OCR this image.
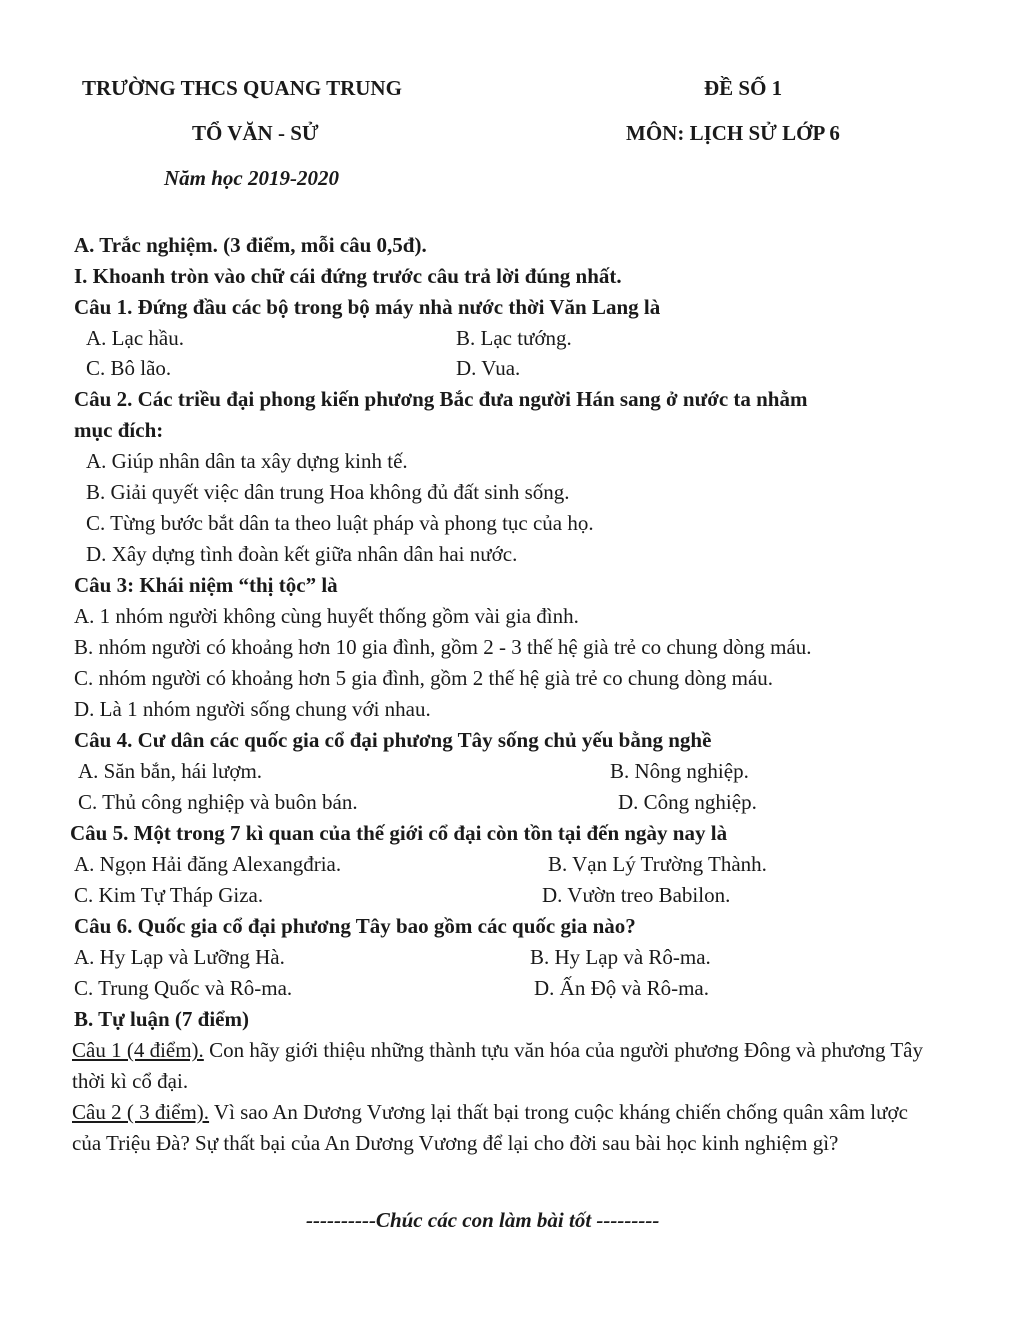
TRƯỜNG THCS QUANG TRUNG	ĐỀ SỐ 1
TỔ VĂN - SỬ	MÔN: LỊCH SỬ LỚP 6
Năm học 2019-2020
A. Trắc nghiệm. (3 điểm, mỗi câu 0,5đ).
I. Khoanh tròn vào chữ cái đứng trước câu trả lời đúng nhất.
Câu 1. Đứng đầu các bộ trong bộ máy nhà nước thời Văn Lang là
A. Lạc hầu.	B. Lạc tướng.
C. Bô lão.	D. Vua.
Câu 2. Các triều đại phong kiến phương Bắc đưa người Hán sang ở nước ta nhằm
mục đích:
A. Giúp nhân dân ta xây dựng kinh tế.
B. Giải quyết việc dân trung Hoa không đủ đất sinh sống.
C. Từng bước bắt dân ta theo luật pháp và phong tục của họ.
D. Xây dựng tình đoàn kết giữa nhân dân hai nước.
Câu 3: Khái niệm “thị tộc” là
A. 1 nhóm người không cùng huyết thống gồm vài gia đình.
B. nhóm người có khoảng hơn 10 gia đình, gồm 2 - 3 thế hệ già trẻ co chung dòng máu.
C. nhóm người có khoảng hơn 5 gia đình, gồm 2 thế hệ già trẻ co chung dòng máu.
D. Là 1 nhóm người sống chung với nhau.
Câu 4. Cư dân các quốc gia cổ đại phương Tây sống chủ yếu bằng nghề
A. Săn bắn, hái lượm.	B. Nông nghiệp.
C. Thủ công nghiệp và buôn bán.	D. Công nghiệp.
Câu 5. Một trong 7 kì quan của thế giới cổ đại còn tồn tại đến ngày nay là
A. Ngọn Hải đăng Alexangđria.	B. Vạn Lý Trường Thành.
C. Kim Tự Tháp Giza.	D. Vườn treo Babilon.
Câu 6. Quốc gia cổ đại phương Tây bao gồm các quốc gia nào?
A. Hy Lạp và Lưỡng Hà.	B. Hy Lạp và Rô-ma.
C. Trung Quốc và Rô-ma.	D. Ấn Độ và Rô-ma.
B. Tự luận (7 điểm)
Câu 1 (4 điểm). Con hãy giới thiệu những thành tựu văn hóa của người phương Đông và phương Tây thời kì cổ đại.
Câu 2 ( 3 điểm). Vì sao An Dương Vương lại thất bại trong cuộc kháng chiến chống quân xâm lược của Triệu Đà? Sự thất bại của An Dương Vương để lại cho đời sau bài học kinh nghiệm gì?
----------Chúc các con làm bài tốt ---------
